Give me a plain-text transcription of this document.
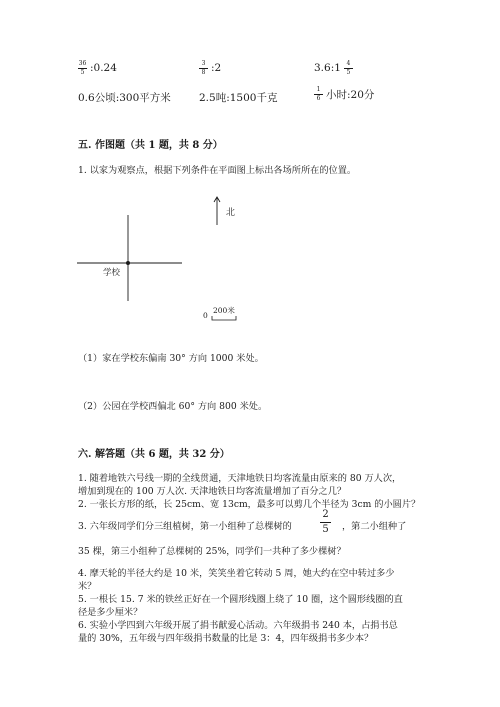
$\frac{36}{5}$ :0.24	$\frac{3}{8}$ :2	3.6:1 $\frac{4}{5}$
0.6公顷:300平方米	2.5吨:1500千克	$\frac{1}{6}$ 小时:20分
五. 作图题（共 1 题，共 8 分）
1. 以家为观察点，根据下列条件在平面图上标出各场所所在的位置。
北
学校
0
200米
（1）家在学校东偏南 30° 方向 1000 米处。
（2）公园在学校西偏北 60° 方向 800 米处。
六. 解答题（共 6 题，共 32 分）
1. 随着地铁六号线一期的全线贯通，天津地铁日均客流量由原来的 80 万人次，
增加到现在的 100 万人次. 天津地铁日均客流量增加了百分之几？
2. 一张长方形的纸，长 25cm、宽 13cm，最多可以剪几个半径为 3cm 的小圆片？
3. 六年级同学们分三组植树，第一小组种了总棵树的
2
5 ，第二小组种了
35 棵，第三小组种了总棵树的 25%，同学们一共种了多少棵树？
4. 摩天轮的半径大约是 10 米，笑笑坐着它转动 5 周，她大约在空中转过多少
米？
5. 一根长 15. 7 米的铁丝正好在一个圆形线圈上绕了 10 圈，这个圆形线圈的直
径是多少厘米？
6. 实验小学四到六年级开展了捐书献爱心活动。六年级捐书 240 本，占捐书总
量的 30%，五年级与四年级捐书数量的比是 3：4，四年级捐书多少本？
